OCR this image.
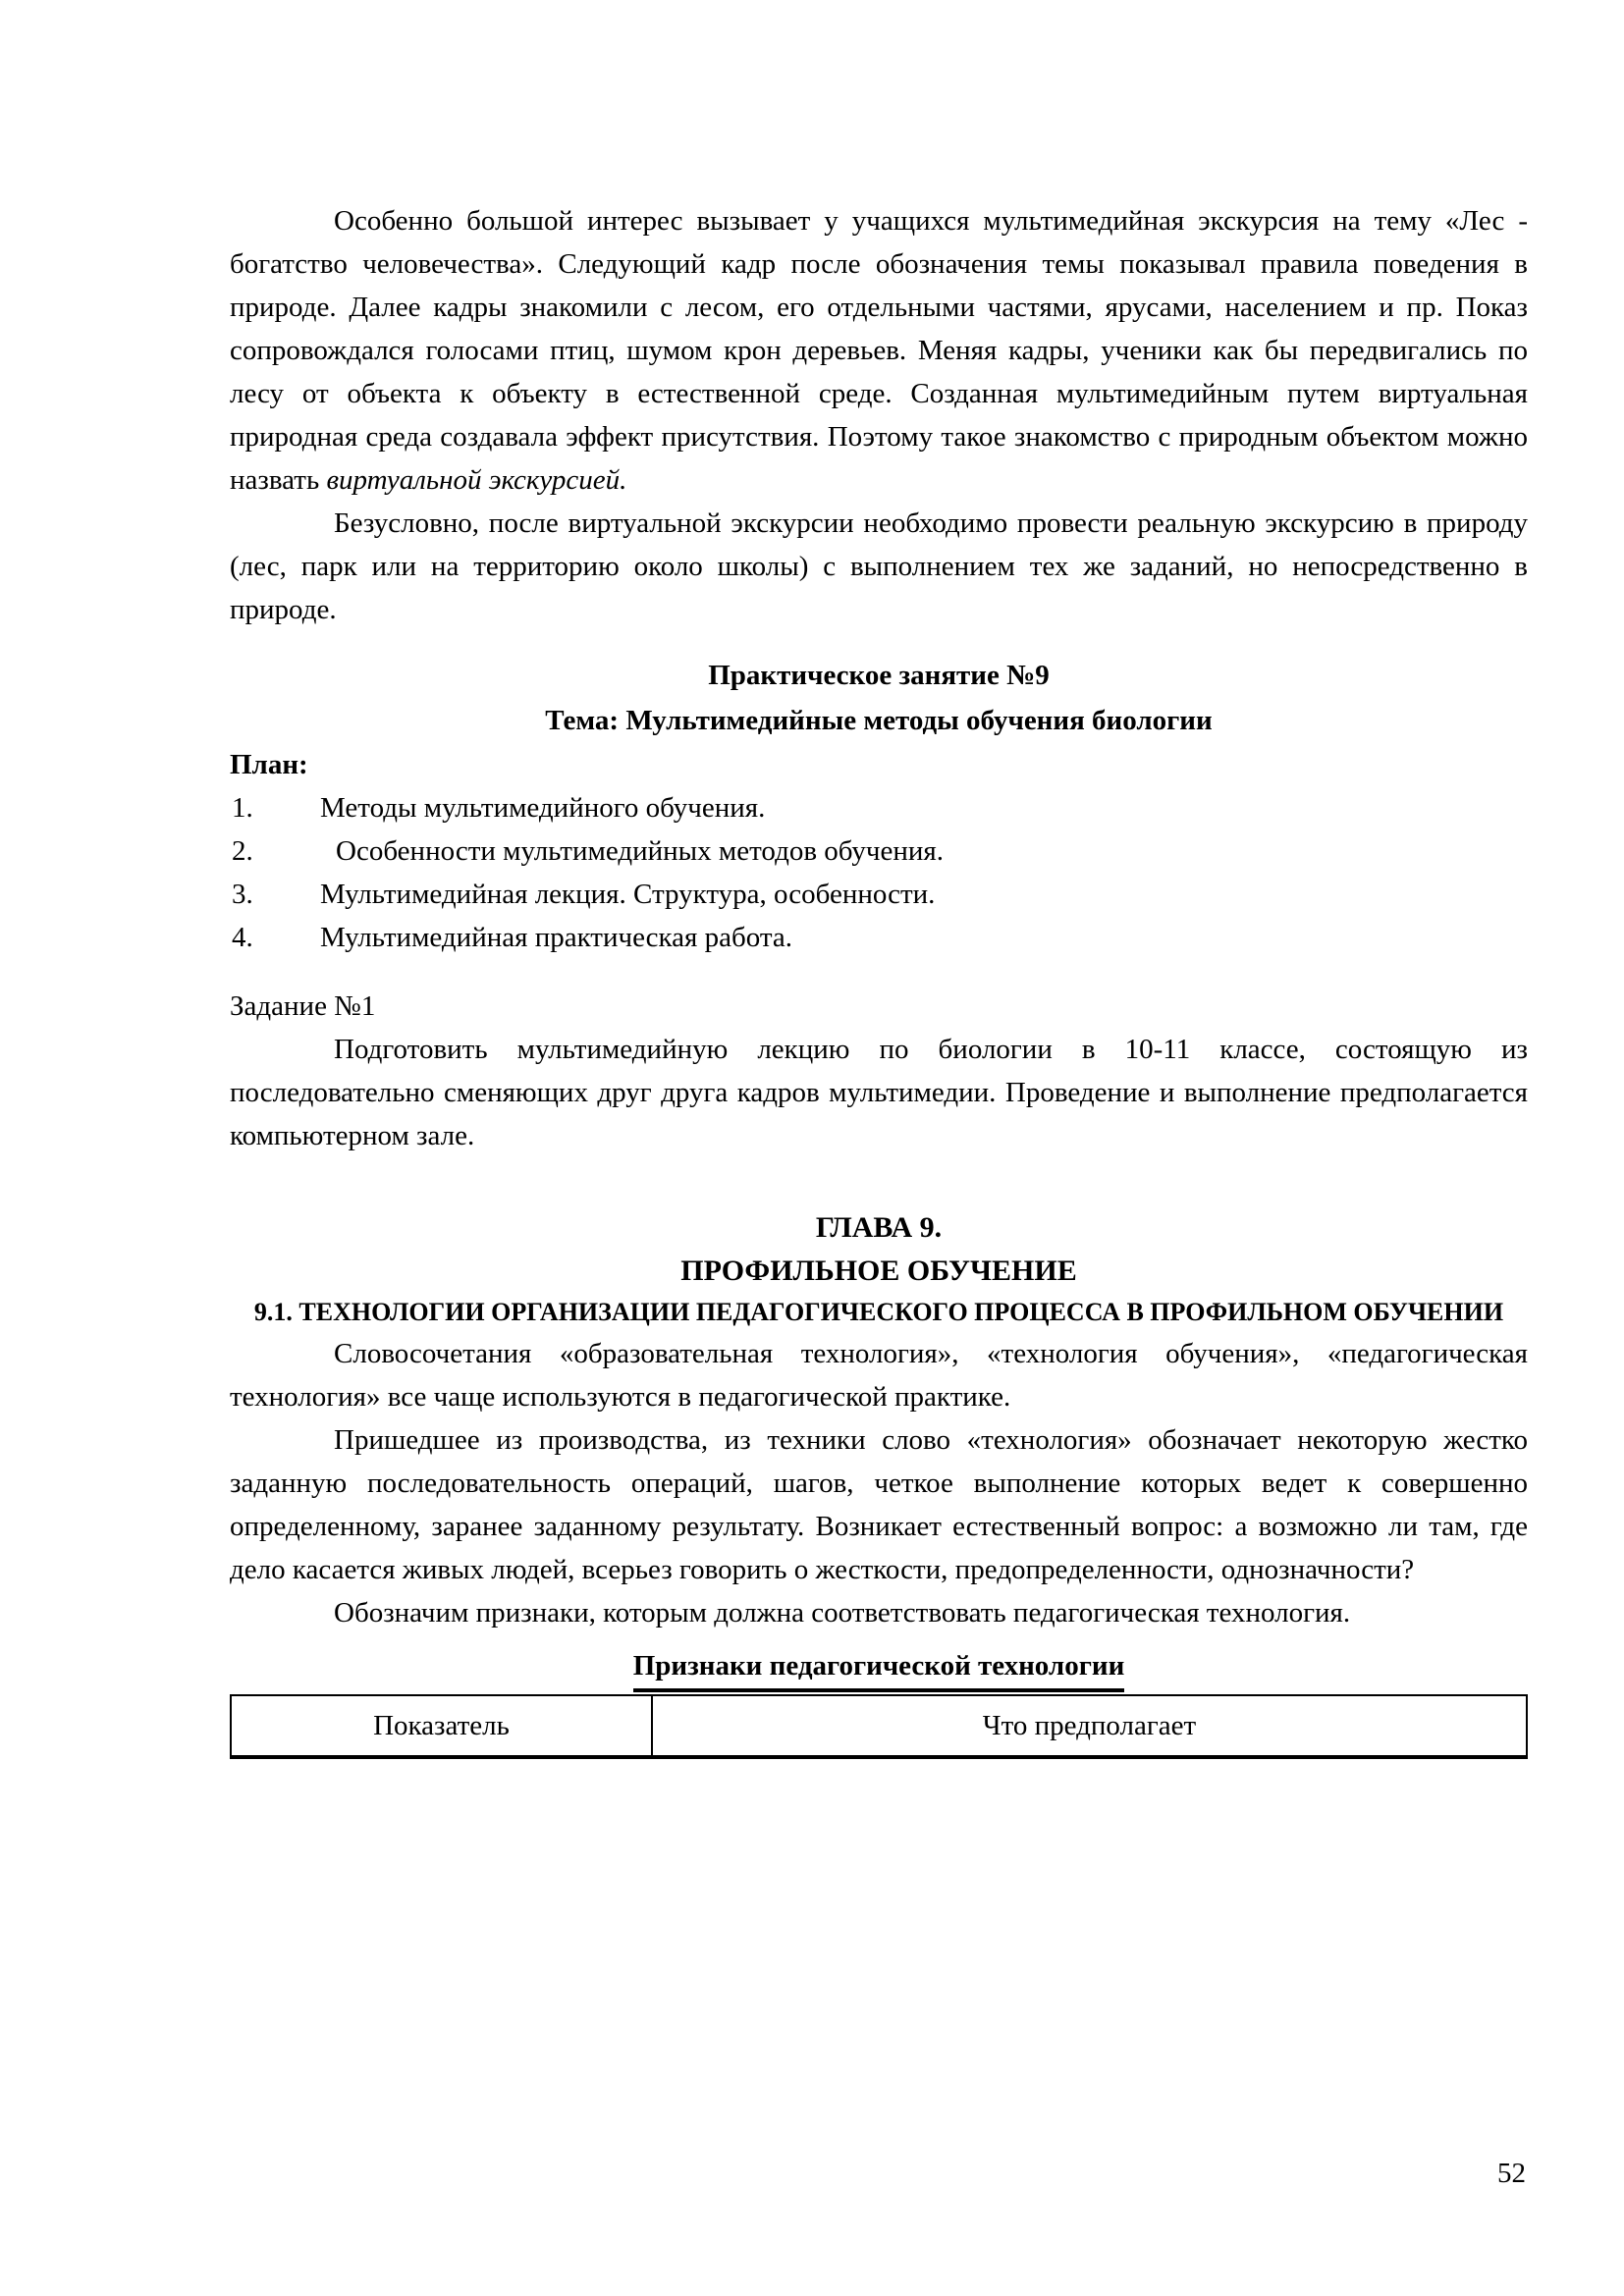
Особенно большой интерес вызывает у учащихся мультимедийная экскурсия на тему «Лес - богатство человечества». Следующий кадр после обозначения темы показывал правила поведения в природе. Далее кадры знакомили с лесом, его отдельными частями, ярусами, населением и пр. Показ сопровождался голосами птиц, шумом крон деревьев. Меняя кадры, ученики как бы передвигались по лесу от объекта к объекту в естественной среде. Созданная мультимедийным путем виртуальная природная среда создавала эффект присутствия. Поэтому такое знакомство с природным объектом можно назвать виртуальной экскурсией.

Безусловно, после виртуальной экскурсии необходимо провести реальную экскурсию в природу (лес, парк или на территорию около школы) с выполнением тех же заданий, но непосредственно в природе.

Практическое занятие №9
Тема: Мультимедийные методы обучения биологии
План:
1.	Методы мультимедийного обучения.
2.	Особенности мультимедийных методов обучения.
3.	Мультимедийная лекция. Структура, особенности.
4.	Мультимедийная практическая работа.
Задание №1

Подготовить мультимедийную лекцию по биологии в 10-11 классе, состоящую из последовательно сменяющих друг друга кадров мультимедии. Проведение и выполнение предполагается компьютерном зале.

ГЛАВА 9.
ПРОФИЛЬНОЕ ОБУЧЕНИЕ
9.1. ТЕХНОЛОГИИ ОРГАНИЗАЦИИ ПЕДАГОГИЧЕСКОГО ПРОЦЕССА В ПРОФИЛЬНОМ ОБУЧЕНИИ

Словосочетания «образовательная технология», «технология обучения», «педагогическая технология» все чаще используются в педагогической практике.

Пришедшее из производства, из техники слово «технология» обозначает некоторую жестко заданную последовательность операций, шагов, четкое выполнение которых ведет к совершенно определенному, заранее заданному результату. Возникает естественный вопрос: а возможно ли там, где дело касается живых людей, всерьез говорить о жесткости, предопределенности, однозначности?

Обозначим признаки, которым должна соответствовать педагогическая технология.

Признаки педагогической технологии
Показатель	Что предполагает
52
